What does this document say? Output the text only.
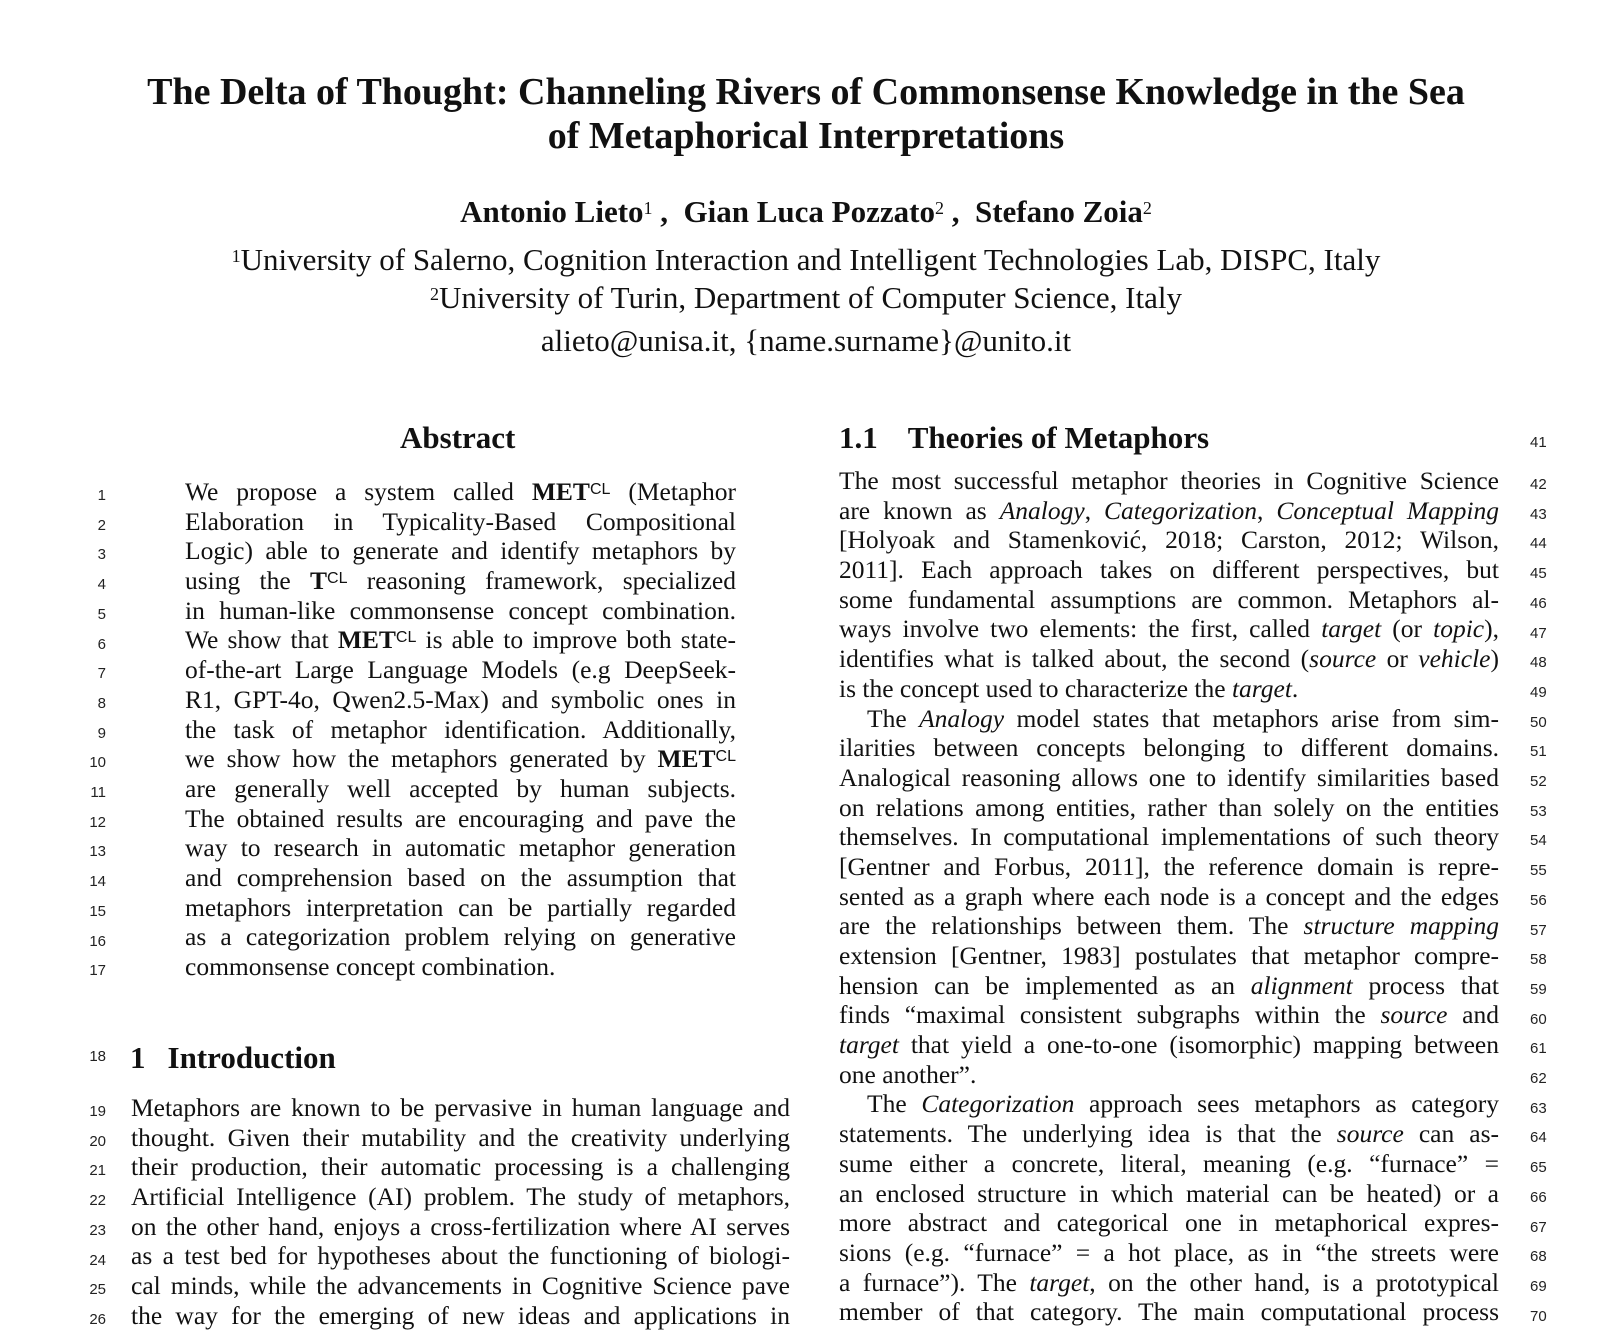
The Delta of Thought: Channeling Rivers of Commonsense Knowledge in the Sea
of Metaphorical Interpretations
Antonio Lieto$^1$ ,  Gian Luca Pozzato$^2$ ,  Stefano Zoia$^2$
$^1$University of Salerno, Cognition Interaction and Intelligent Technologies Lab, DISPC, Italy
$^2$University of Turin, Department of Computer Science, Italy
alieto@unisa.it, {name.surname}@unito.it
Abstract
We propose a system called $MET^{CL}$ (Metaphor
Elaboration in Typicality-Based Compositional
Logic) able to generate and identify metaphors by
using the $T^{CL}$ reasoning framework, specialized
in human-like commonsense concept combination.
We show that $MET^{CL}$ is able to improve both state-
of-the-art Large Language Models (e.g DeepSeek-
R1, GPT-4o, Qwen2.5-Max) and symbolic ones in
the task of metaphor identification. Additionally,
we show how the metaphors generated by $MET^{CL}$
are generally well accepted by human subjects.
The obtained results are encouraging and pave the
way to research in automatic metaphor generation
and comprehension based on the assumption that
metaphors interpretation can be partially regarded
as a categorization problem relying on generative
commonsense concept combination.
1
2
3
4
5
6
7
8
9
10
11
12
13
14
15
16
17
18 1 Introduction
Metaphors are known to be pervasive in human language and
thought. Given their mutability and the creativity underlying
their production, their automatic processing is a challenging
Artificial Intelligence (AI) problem. The study of metaphors,
on the other hand, enjoys a cross-fertilization where AI serves
as a test bed for hypotheses about the functioning of biologi-
cal minds, while the advancements in Cognitive Science pave
the way for the emerging of new ideas and applications in
19
20
21
22
23
24
25
26
1.1 Theories of Metaphors	41
The most successful metaphor theories in Cognitive Science
are known as Analogy, Categorization, Conceptual Mapping
[Holyoak and Stamenković, 2018; Carston, 2012; Wilson,
2011]. Each approach takes on different perspectives, but
some fundamental assumptions are common. Metaphors al-
ways involve two elements: the first, called target (or topic),
identifies what is talked about, the second (source or vehicle)
is the concept used to characterize the target.
The Analogy model states that metaphors arise from sim-
ilarities between concepts belonging to different domains.
Analogical reasoning allows one to identify similarities based
on relations among entities, rather than solely on the entities
themselves. In computational implementations of such theory
[Gentner and Forbus, 2011], the reference domain is repre-
sented as a graph where each node is a concept and the edges
are the relationships between them. The structure mapping
extension [Gentner, 1983] postulates that metaphor compre-
hension can be implemented as an alignment process that
finds “maximal consistent subgraphs within the source and
target that yield a one-to-one (isomorphic) mapping between
one another”.
The Categorization approach sees metaphors as category
statements. The underlying idea is that the source can as-
sume either a concrete, literal, meaning (e.g. “furnace” =
an enclosed structure in which material can be heated) or a
more abstract and categorical one in metaphorical expres-
sions (e.g. “furnace” = a hot place, as in “the streets were
a furnace”). The target, on the other hand, is a prototypical
member of that category. The main computational process
42
43
44
45
46
47
48
49
50
51
52
53
54
55
56
57
58
59
60
61
62
63
64
65
66
67
68
69
70
